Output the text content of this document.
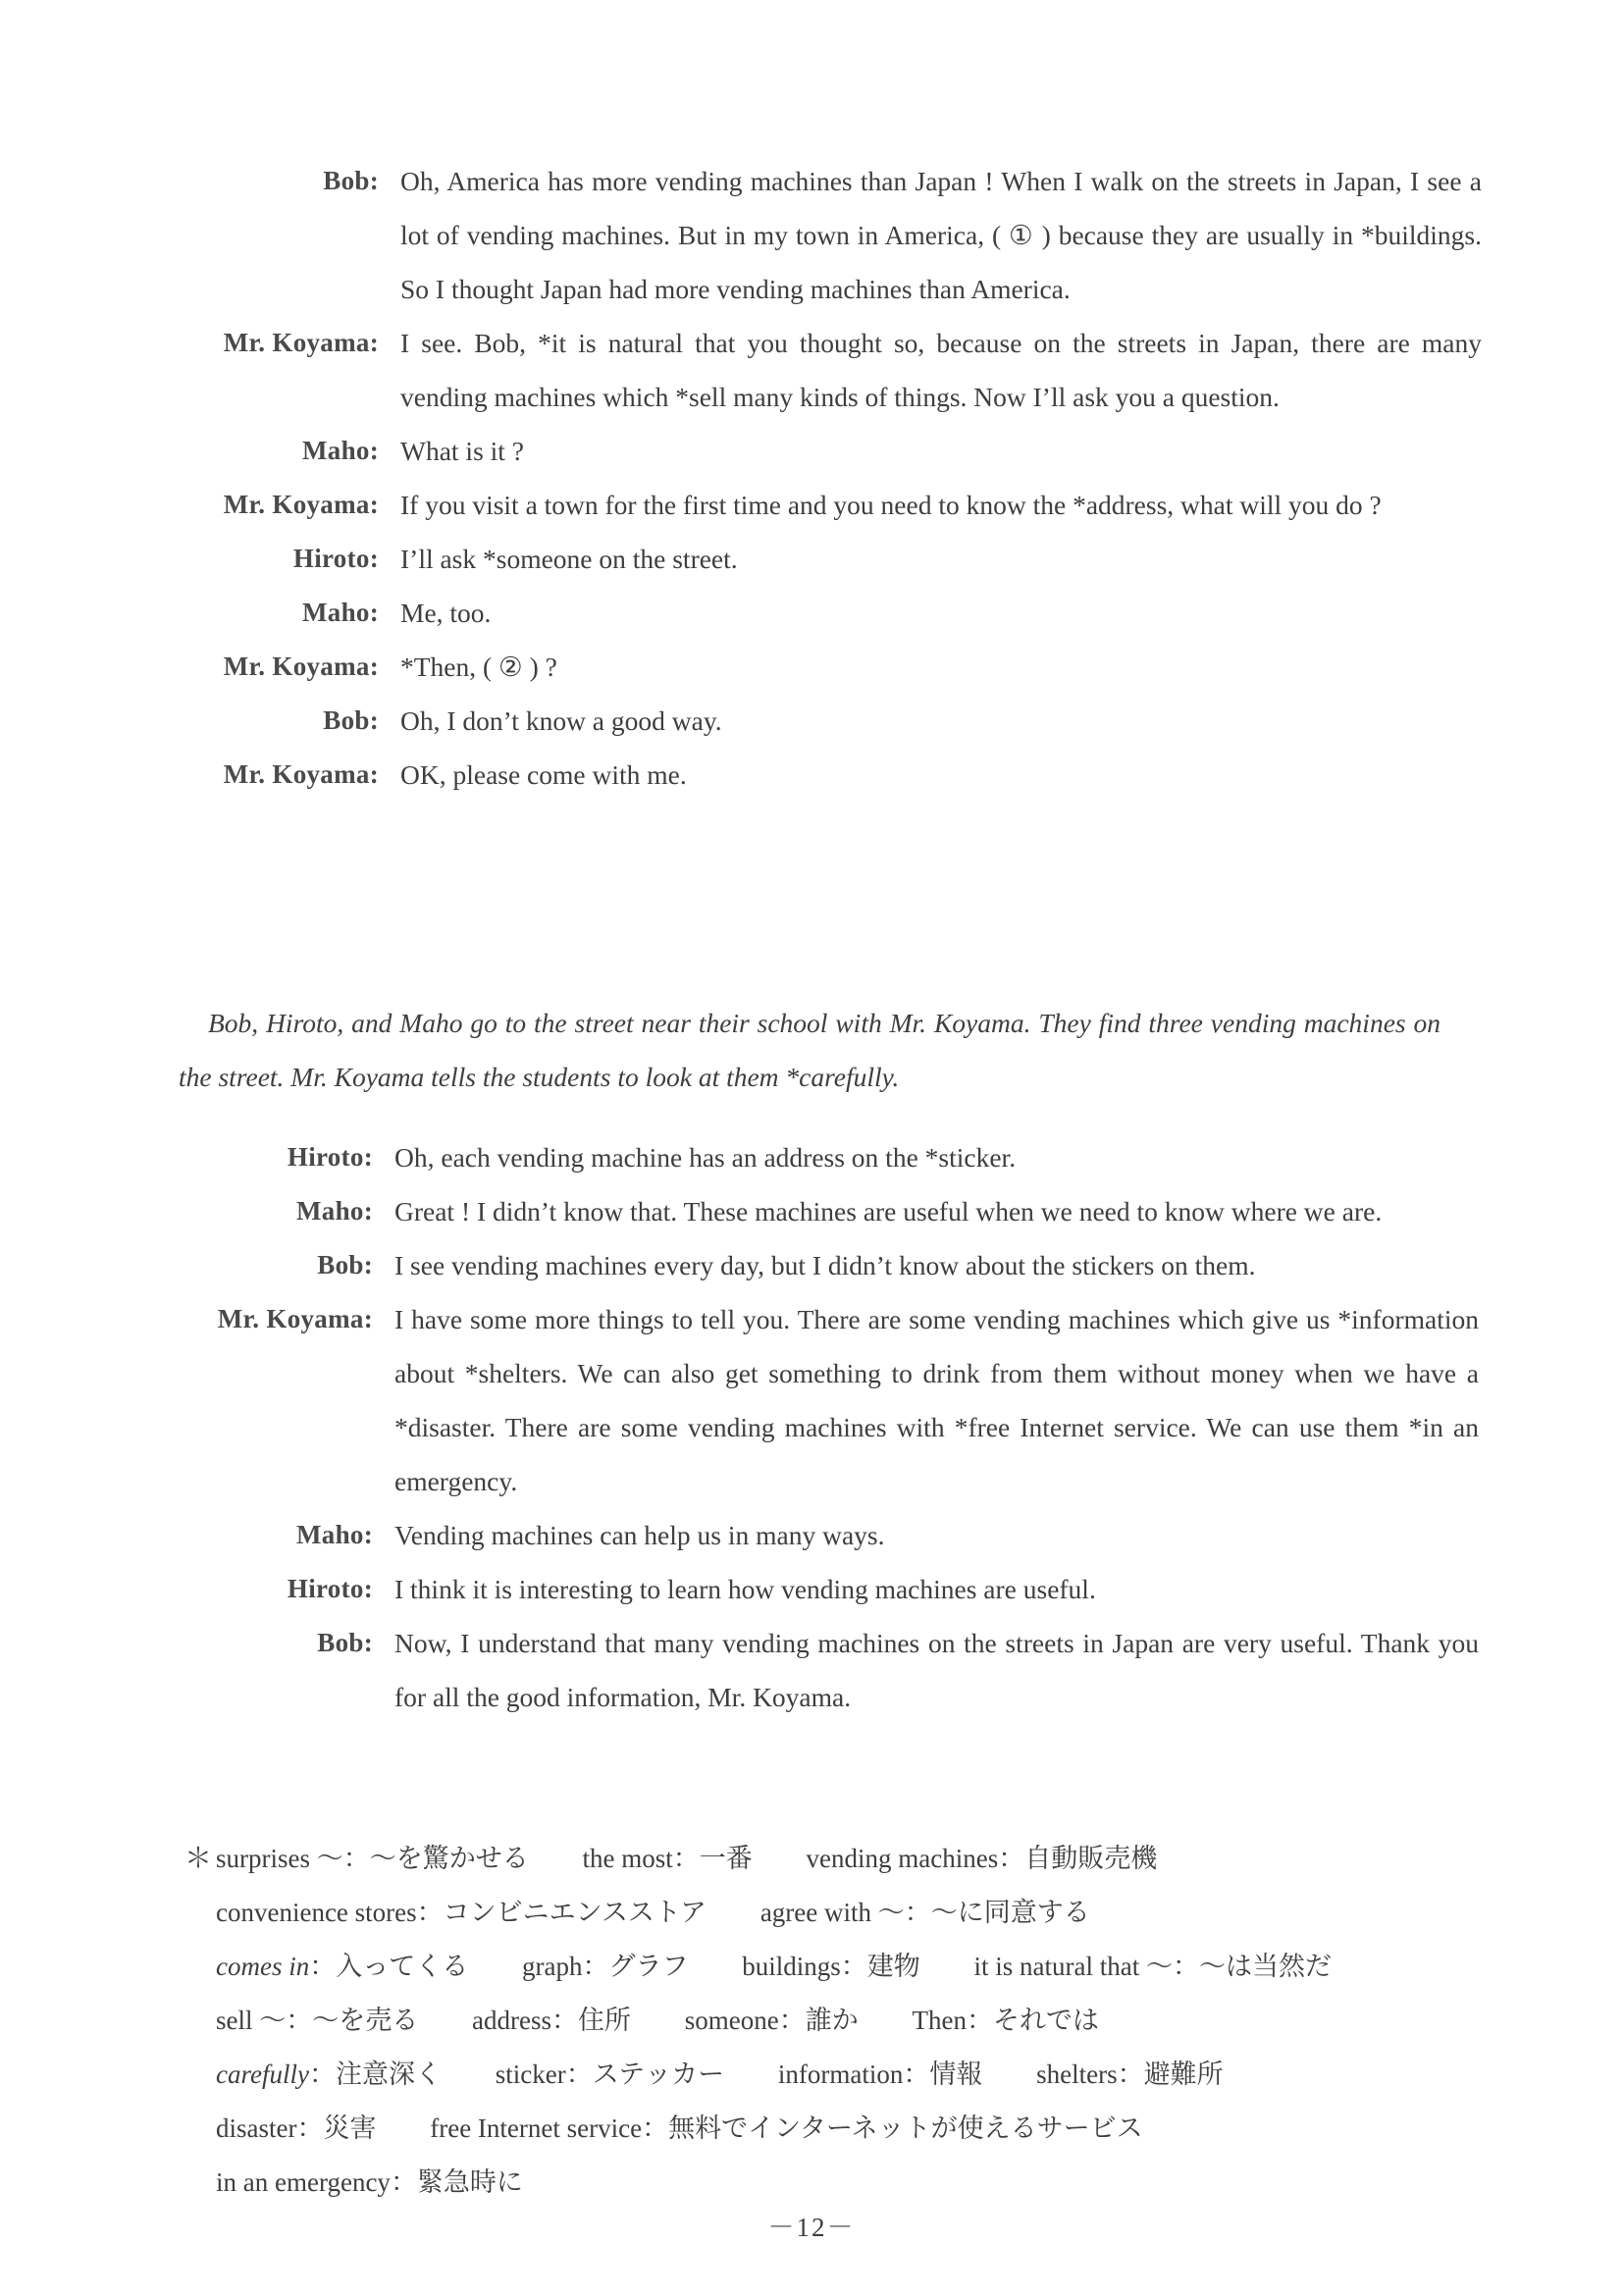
Bob: Oh, America has more vending machines than Japan ! When I walk on the streets in Japan, I see a lot of vending machines. But in my town in America, ( ① ) because they are usually in *buildings. So I thought Japan had more vending machines than America.
Mr. Koyama: I see. Bob, *it is natural that you thought so, because on the streets in Japan, there are many vending machines which *sell many kinds of things. Now I’ll ask you a question.
Maho: What is it ?
Mr. Koyama: If you visit a town for the first time and you need to know the *address, what will you do ?
Hiroto: I’ll ask *someone on the street.
Maho: Me, too.
Mr. Koyama: *Then, ( ② ) ?
Bob: Oh, I don’t know a good way.
Mr. Koyama: OK, please come with me.
Bob, Hiroto, and Maho go to the street near their school with Mr. Koyama. They find three vending machines on the street. Mr. Koyama tells the students to look at them *carefully.
Hiroto: Oh, each vending machine has an address on the *sticker.
Maho: Great ! I didn’t know that. These machines are useful when we need to know where we are.
Bob: I see vending machines every day, but I didn’t know about the stickers on them.
Mr. Koyama: I have some more things to tell you. There are some vending machines which give us *information about *shelters. We can also get something to drink from them without money when we have a *disaster. There are some vending machines with *free Internet service. We can use them *in an emergency.
Maho: Vending machines can help us in many ways.
Hiroto: I think it is interesting to learn how vending machines are useful.
Bob: Now, I understand that many vending machines on the streets in Japan are very useful. Thank you for all the good information, Mr. Koyama.
＊ surprises ～：～を驚かせる the most：一番 vending machines：自動販売機
convenience stores：コンビニエンスストア agree with ～：～に同意する
comes in：入ってくる graph：グラフ buildings：建物 it is natural that ～：～は当然だ
sell ～：～を売る address：住所 someone：誰か Then：それでは
carefully：注意深く sticker：ステッカー information：情報 shelters：避難所
disaster：災害 free Internet service：無料でインターネットが使えるサービス
in an emergency：緊急時に
－12－
